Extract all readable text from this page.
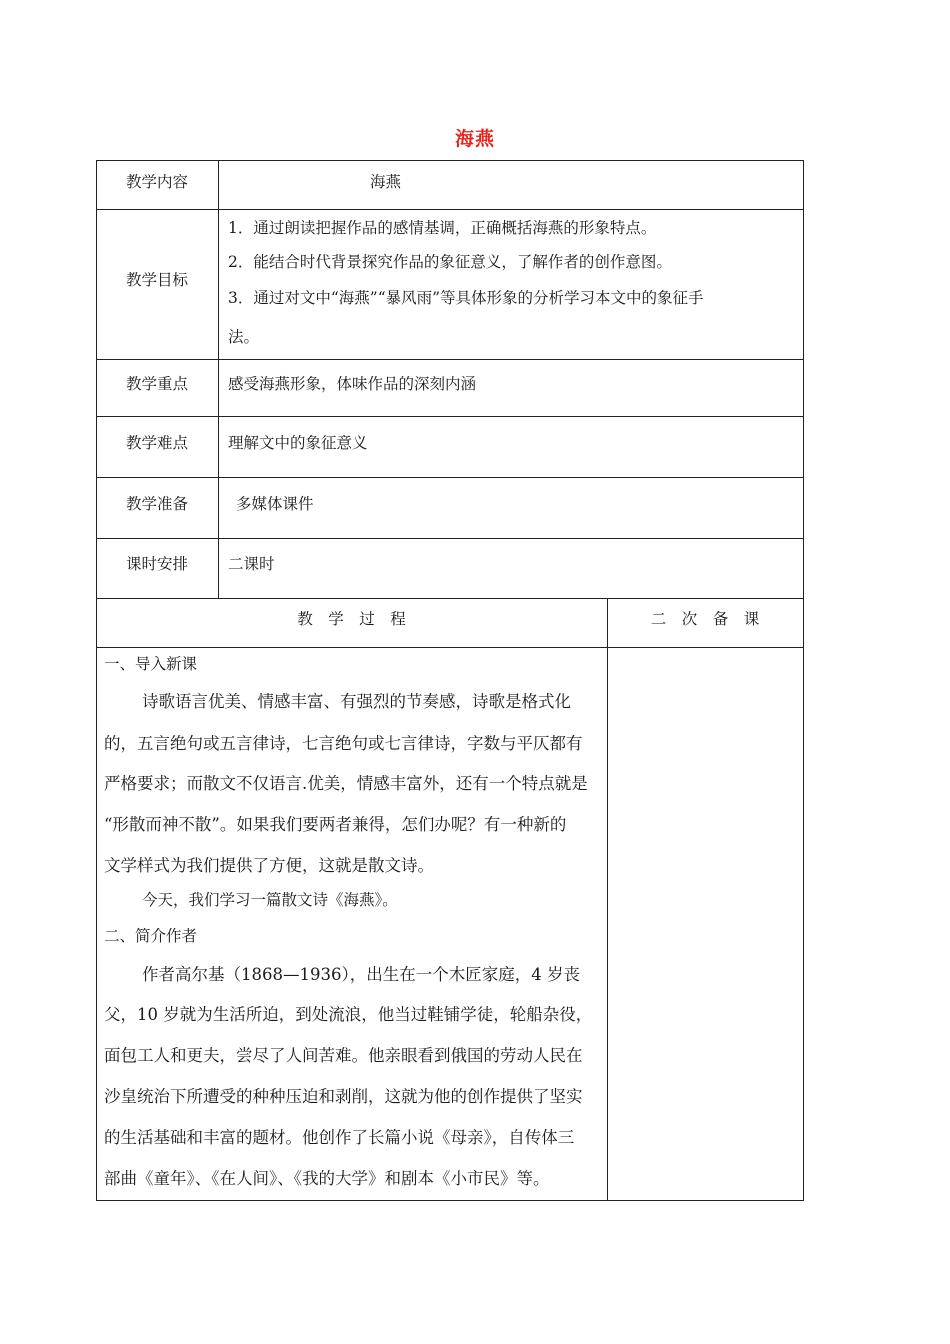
海燕
教学内容
教学目标
教学重点
教学难点
教学准备
课时安排
海燕
1．通过朗读把握作品的感情基调，正确概括海燕的形象特点。
2．能结合时代背景探究作品的象征意义，了解作者的创作意图。
3．通过对文中“海燕”“暴风雨”等具体形象的分析学习本文中的象征手
法。
感受海燕形象，体味作品的深刻内涵
理解文中的象征意义
多媒体课件
二课时
教　学　过　程	二　次　备　课
一、导入新课
诗歌语言优美、情感丰富、有强烈的节奏感，诗歌是格式化
的，五言绝句或五言律诗，七言绝句或七言律诗，字数与平仄都有
严格要求；而散文不仅语言.优美，情感丰富外，还有一个特点就是
“形散而神不散”。如果我们要两者兼得，怎们办呢？有一种新的
文学样式为我们提供了方便，这就是散文诗。
今天，我们学习一篇散文诗《海燕》。
二、简介作者
作者高尔基（1868—1936），出生在一个木匠家庭，4 岁丧
父，10 岁就为生活所迫，到处流浪，他当过鞋铺学徒，轮船杂役，
面包工人和更夫，尝尽了人间苦难。他亲眼看到俄国的劳动人民在
沙皇统治下所遭受的种种压迫和剥削，这就为他的创作提供了坚实
的生活基础和丰富的题材。他创作了长篇小说《母亲》，自传体三
部曲《童年》、《在人间》、《我的大学》和剧本《小市民》等。
